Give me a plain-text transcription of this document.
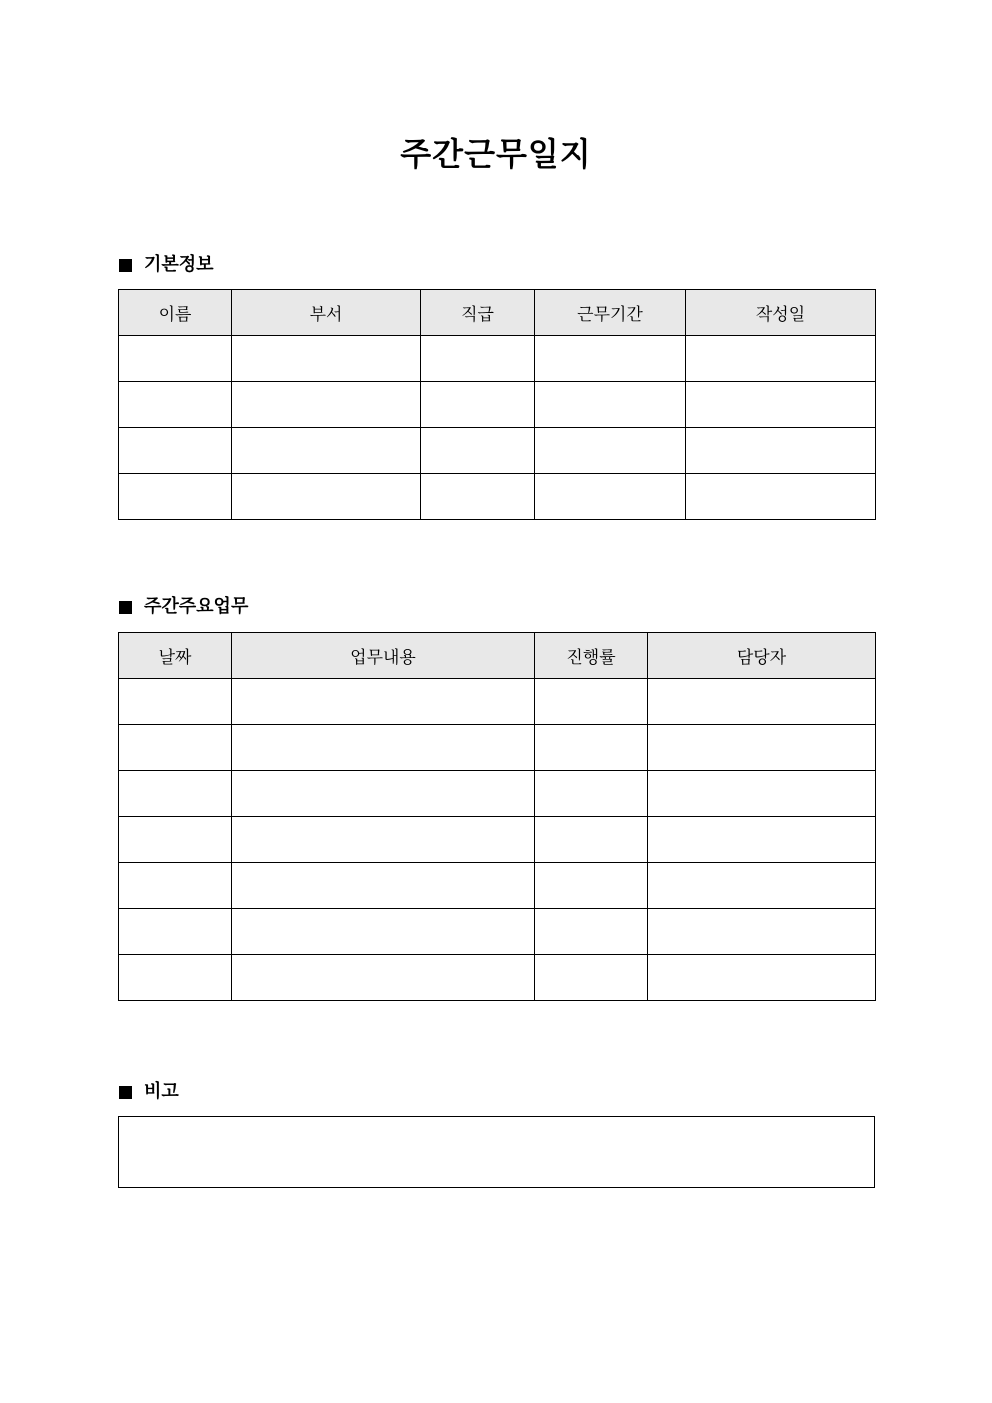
주간근무일지
기본정보
이름	부서	직급	근무기간	작성일

주간주요업무
날짜	업무내용	진행률	담당자

비고
